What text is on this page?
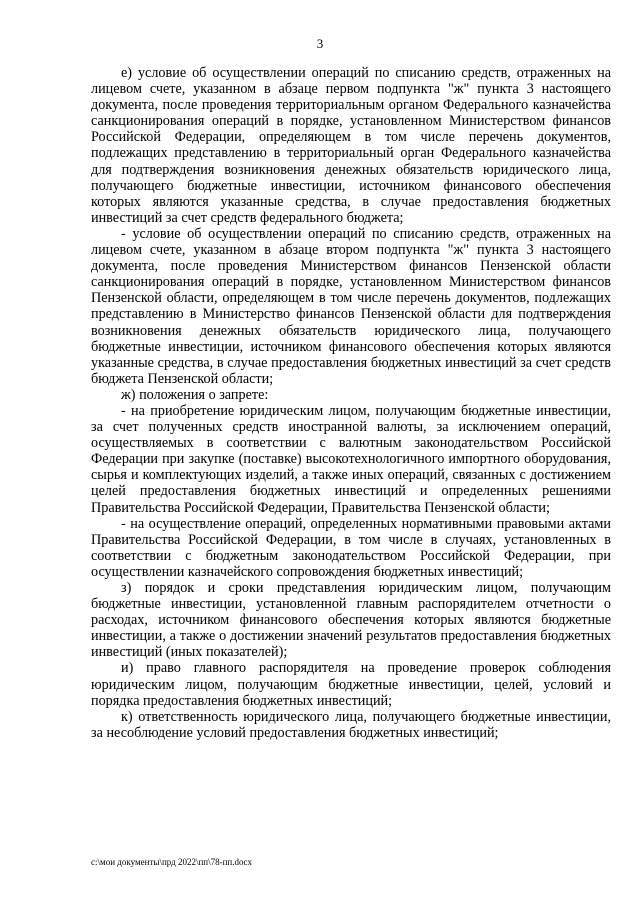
3

е) условие об осуществлении операций по списанию средств, отраженных на лицевом счете, указанном в абзаце первом подпункта "ж" пункта 3 настоящего документа, после проведения территориальным органом Федерального казначейства санкционирования операций в порядке, установленном Министерством финансов Российской Федерации, определяющем в том числе перечень документов, подлежащих представлению в территориальный орган Федерального казначейства для подтверждения возникновения денежных обязательств юридического лица, получающего бюджетные инвестиции, источником финансового обеспечения которых являются указанные средства, в случае предоставления бюджетных инвестиций за счет средств федерального бюджета;

- условие об осуществлении операций по списанию средств, отраженных на лицевом счете, указанном в абзаце втором подпункта "ж" пункта 3 настоящего документа, после проведения Министерством финансов Пензенской области санкционирования операций в порядке, установленном Министерством финансов Пензенской области, определяющем в том числе перечень документов, подлежащих представлению в Министерство финансов Пензенской области для подтверждения возникновения денежных обязательств юридического лица, получающего бюджетные инвестиции, источником финансового обеспечения которых являются указанные средства, в случае предоставления бюджетных инвестиций за счет средств бюджета Пензенской области;

ж) положения о запрете:

- на приобретение юридическим лицом, получающим бюджетные инвестиции, за счет полученных средств иностранной валюты, за исключением операций, осуществляемых в соответствии с валютным законодательством Российской Федерации при закупке (поставке) высокотехнологичного импортного оборудования, сырья и комплектующих изделий, а также иных операций, связанных с достижением целей предоставления бюджетных инвестиций и определенных решениями Правительства Российской Федерации, Правительства Пензенской области;

- на осуществление операций, определенных нормативными правовыми актами Правительства Российской Федерации, в том числе в случаях, установленных в соответствии с бюджетным законодательством Российской Федерации, при осуществлении казначейского сопровождения бюджетных инвестиций;

з) порядок и сроки представления юридическим лицом, получающим бюджетные инвестиции, установленной главным распорядителем отчетности о расходах, источником финансового обеспечения которых являются бюджетные инвестиции, а также о достижении значений результатов предоставления бюджетных инвестиций (иных показателей);

и) право главного распорядителя на проведение проверок соблюдения юридическим лицом, получающим бюджетные инвестиции, целей, условий и порядка предоставления бюджетных инвестиций;

к) ответственность юридического лица, получающего бюджетные инвестиции, за несоблюдение условий предоставления бюджетных инвестиций;

c:\мои документы\прд 2022\пп\78-пп.docx
